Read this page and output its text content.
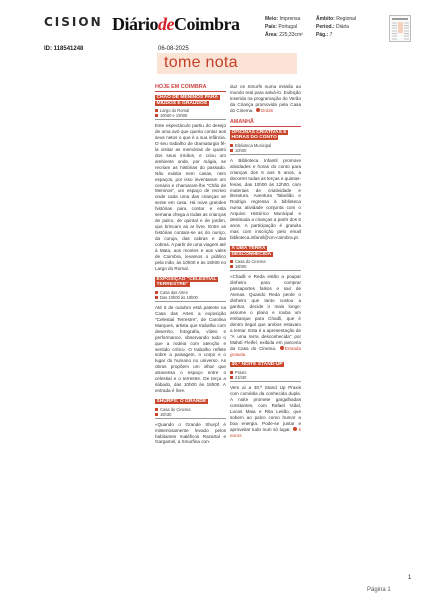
CISION DiáriodeCoimbra	Meio: Imprensa
País: Portugal
Área: 225,33cm²
Âmbito: Regional
Period.: Diária
Pág.: 7
ID: 118541248	06-08-2025
tome nota
HOJE EM COIMBRA
CHÃO DE MENINOS PARA MIÚDOS E GRAÚDOS
Largo do Romal
10h00 e 15h00

Este espectáculo partiu do desejo de uma avó que queria contar aos seus netos o que é a sua infância. O seu trabalho de dramaturgia fê-la visitar as memórias de quatro dos seus irmãos, e criou um ambiente onde, por mágia, se recriam as histórias do passado. Não existia nem casas, nem espaços, por isso inventaram um cenário e chamaram-lhe "Chão de Meninos", um espaço de recreio onde cada uma das crianças se sente em casa. Há nove grandes histórias para contar e esta semana chega a todas as crianças de palco, de quintal e de jardim, que brincam ao ar livre. Entre as histórias contam-se as do ouriço, da coruja, das cabras e das cobras. A partir de uma viagem até à Mata, aos montes e aos vales de Coimbra, levamos o público pela mão, às 10h00 e às 15h00 no Largo do Romal.

EXPOSIÇÃO "CELESTIAL TERRESTRE"
Casa das Artes
Das 10h00 às 18h00

Até 5 de outubro está patente na Casa das Artes a exposição "Celestial Terrestre", de Carolina Marques, artista que trabalha com desenho, fotografia, vídeo e performance, observando tudo o que a rodeia com atenção e sentido crítico. O trabalho reflete sobre a paisagem, o corpo e o lugar do humano no universo. As obras propõem um olhar que atravessa o espaço entre o celestial e o terrestre. De terça a sábado, das 10h00 às 18h00. A entrada é livre.

SHURPS: O GRANDE
Casa do Cinema
16h30

«Quando o Grande Shurpf é misteriosamente levado pelos habitantes maléficos Razartal e Gargamel, a Smurfina con-

duz os Smurfs numa missão ao mundo real para salvá-lo. Exibição inserida na programação do Verão da Criança promovida pela Casa do Cinema. Grátis

AMANHÃ
OFICINAS CRIATIVAS E HORAS DO CONTO
Biblioteca Municipal
10h00

A Biblioteca Infantil promove atividades e horas do conto para crianças dos 6 aos 9 anos, a decorrer todas as terças e quintas-feiras, das 10h00 às 12h00, com materiais de criatividade e literatura. Aventura Tabelião e Rodrigo regressa à biblioteca numa atividade conjunta com o Arquivo Histórico Municipal e destinada a crianças a partir dos 6 anos. A participação é gratuita mas com inscrição pelo email biblioteca.infantil@cm-coimbra.pt.

A UMA TERRA DESCONHECIDA
Casa do Cinema
18h00

«Chadli e Reda estão a poupar dinheiro para comprar passaportes falsos e sair de Atenas. Quando Reda perde o dinheiro que tanto custou a ganhar, decide ir mais longe: assume o plano e rouba um embarque para Chadli, que é dentro ilegal que ambos estavam a tentar. Esta é a apresentação de "A uma terra desconhecida" por Mahdi Fleifel, exibida em parceria da Casa do Cinema. Entrada gratuita

30.ª NOITE STAND-UP
Praxis
21h30

Vem aí a 30.ª Stand Up Praxis com comédia da conhecida dupla. A noite promete gargalhadas constantes, com Rafael Vidal, Lucas Maia e Rita Leitão, que sobem ao palco como humor a boa energia. Pode-se juntar e aproveitar tudo num só lugar. 5 euros

1
Página 1
